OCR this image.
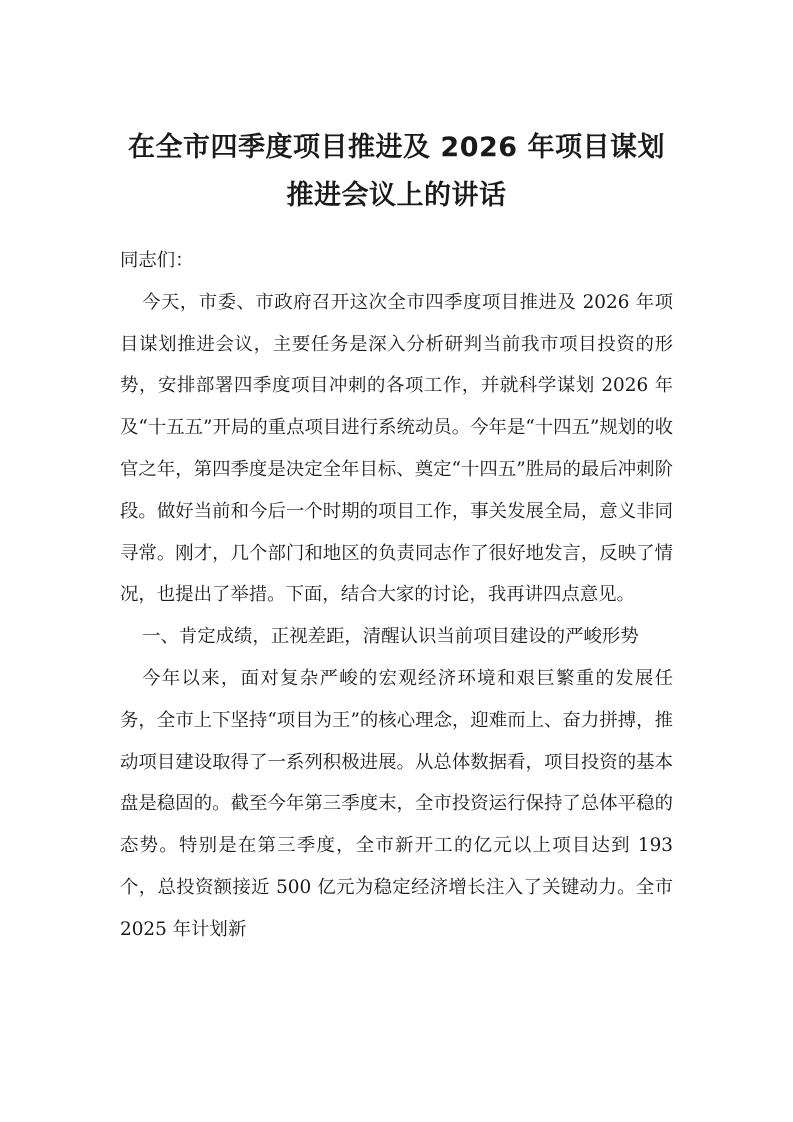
在全市四季度项目推进及 2026 年项目谋划
推进会议上的讲话

同志们：

今天，市委、市政府召开这次全市四季度项目推进及 2026 年项目谋划推进会议，主要任务是深入分析研判当前我市项目投资的形势，安排部署四季度项目冲刺的各项工作，并就科学谋划 2026 年及“十五五”开局的重点项目进行系统动员。今年是“十四五”规划的收官之年，第四季度是决定全年目标、奠定“十四五”胜局的最后冲刺阶段。做好当前和今后一个时期的项目工作，事关发展全局，意义非同寻常。刚才，几个部门和地区的负责同志作了很好地发言，反映了情况，也提出了举措。下面，结合大家的讨论，我再讲四点意见。

一、肯定成绩，正视差距，清醒认识当前项目建设的严峻形势

今年以来，面对复杂严峻的宏观经济环境和艰巨繁重的发展任务，全市上下坚持“项目为王”的核心理念，迎难而上、奋力拼搏，推动项目建设取得了一系列积极进展。从总体数据看，项目投资的基本盘是稳固的。截至今年第三季度末，全市投资运行保持了总体平稳的态势。特别是在第三季度，全市新开工的亿元以上项目达到 193 个，总投资额接近 500 亿元为稳定经济增长注入了关键动力。全市 2025 年计划新
